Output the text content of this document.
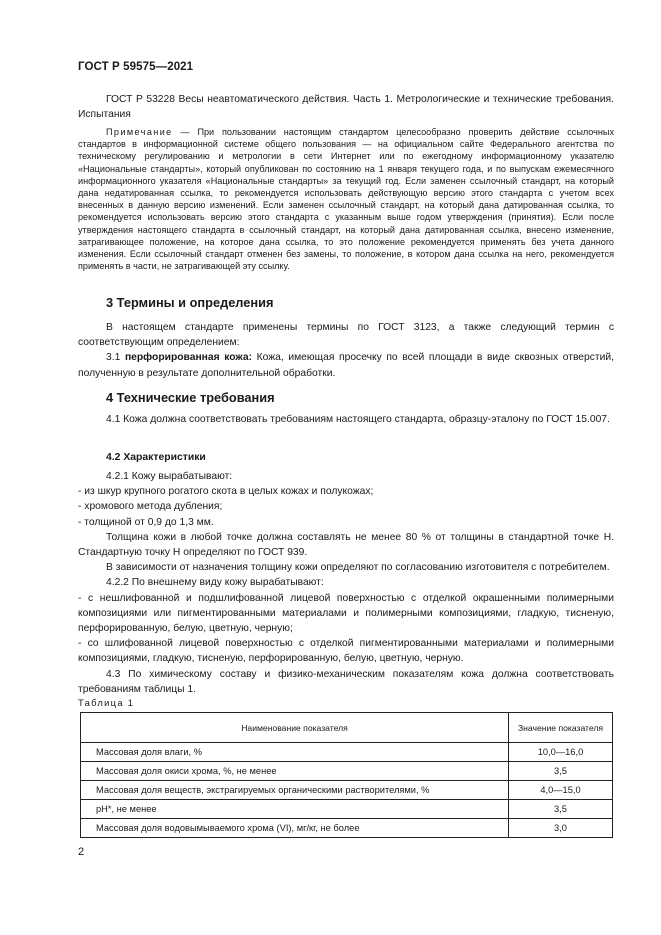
ГОСТ Р 59575—2021

ГОСТ Р 53228 Весы неавтоматического действия. Часть 1. Метрологические и технические требования. Испытания

Примечание — При пользовании настоящим стандартом целесообразно проверить действие ссылочных стандартов в информационной системе общего пользования — на официальном сайте Федерального агентства по техническому регулированию и метрологии в сети Интернет или по ежегодному информационному указателю «Национальные стандарты», который опубликован по состоянию на 1 января текущего года, и по выпускам ежемесячного информационного указателя «Национальные стандарты» за текущий год. Если заменен ссылочный стандарт, на который дана недатированная ссылка, то рекомендуется использовать действующую версию этого стандарта с учетом всех внесенных в данную версию изменений. Если заменен ссылочный стандарт, на который дана датированная ссылка, то рекомендуется использовать версию этого стандарта с указанным выше годом утверждения (принятия). Если после утверждения настоящего стандарта в ссылочный стандарт, на который дана датированная ссылка, внесено изменение, затрагивающее положение, на которое дана ссылка, то это положение рекомендуется применять без учета данного изменения. Если ссылочный стандарт отменен без замены, то положение, в котором дана ссылка на него, рекомендуется применять в части, не затрагивающей эту ссылку.

3 Термины и определения

В настоящем стандарте применены термины по ГОСТ 3123, а также следующий термин с соответствующим определением:

3.1 перфорированная кожа: Кожа, имеющая просечку по всей площади в виде сквозных отверстий, полученную в результате дополнительной обработки.

4 Технические требования

4.1 Кожа должна соответствовать требованиям настоящего стандарта, образцу-эталону по ГОСТ 15.007.

4.2 Характеристики

4.2.1 Кожу вырабатывают:

- из шкур крупного рогатого скота в целых кожах и полукожах;

- хромового метода дубления;

- толщиной от 0,9 до 1,3 мм.

Толщина кожи в любой точке должна составлять не менее 80 % от толщины в стандартной точке Н. Стандартную точку Н определяют по ГОСТ 939.

В зависимости от назначения толщину кожи определяют по согласованию изготовителя с потребителем.

4.2.2 По внешнему виду кожу вырабатывают:

- с нешлифованной и подшлифованной лицевой поверхностью с отделкой окрашенными полимерными композициями или пигментированными материалами и полимерными композициями, гладкую, тисненую, перфорированную, белую, цветную, черную;

- со шлифованной лицевой поверхностью с отделкой пигментированными материалами и полимерными композициями, гладкую, тисненую, перфорированную, белую, цветную, черную.

4.3 По химическому составу и физико-механическим показателям кожа должна соответствовать требованиям таблицы 1.

Таблица 1
Наименование показателя	Значение показателя
Массовая доля влаги, %	10,0—16,0
Массовая доля окиси хрома, %, не менее	3,5
Массовая доля веществ, экстрагируемых органическими растворителями, %	4,0—15,0
pH*, не менее	3,5
Массовая доля водовымываемого хрома (VI), мг/кг, не более	3,0
2
